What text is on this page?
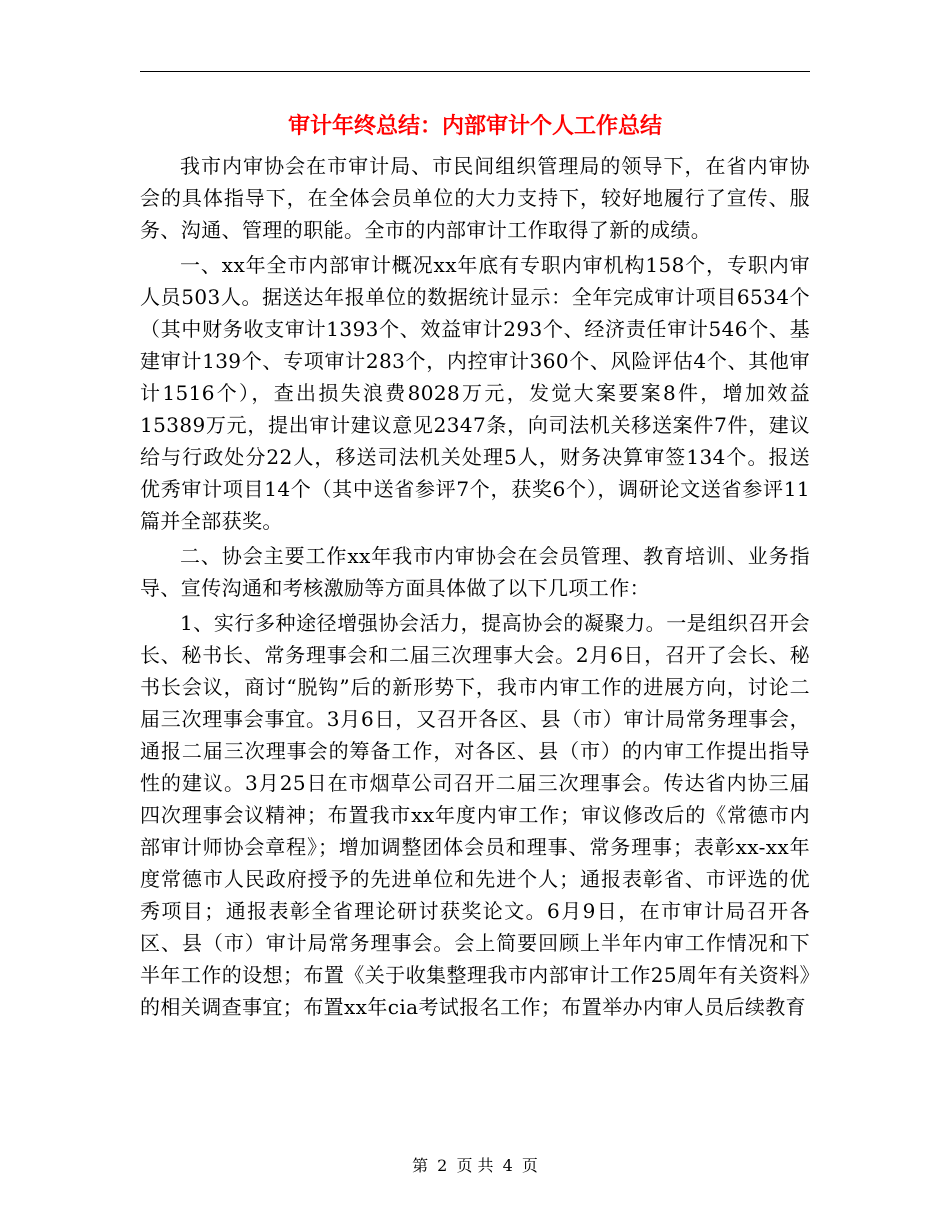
审计年终总结：内部审计个人工作总结

我市内审协会在市审计局、市民间组织管理局的领导下，在省内审协会的具体指导下，在全体会员单位的大力支持下，较好地履行了宣传、服务、沟通、管理的职能。全市的内部审计工作取得了新的成绩。

一、xx年全市内部审计概况xx年底有专职内审机构158个，专职内审人员503人。据送达年报单位的数据统计显示：全年完成审计项目6534个（其中财务收支审计1393个、效益审计293个、经济责任审计546个、基建审计139个、专项审计283个，内控审计360个、风险评估4个、其他审计1516个），查出损失浪费8028万元，发觉大案要案8件，增加效益15389万元，提出审计建议意见2347条，向司法机关移送案件7件，建议给与行政处分22人，移送司法机关处理5人，财务决算审签134个。报送优秀审计项目14个（其中送省参评7个，获奖6个），调研论文送省参评11篇并全部获奖。

二、协会主要工作xx年我市内审协会在会员管理、教育培训、业务指导、宣传沟通和考核激励等方面具体做了以下几项工作：

1、实行多种途径增强协会活力，提高协会的凝聚力。一是组织召开会长、秘书长、常务理事会和二届三次理事大会。2月6日，召开了会长、秘书长会议，商讨“脱钩”后的新形势下，我市内审工作的进展方向，讨论二届三次理事会事宜。3月6日，又召开各区、县（市）审计局常务理事会，通报二届三次理事会的筹备工作，对各区、县（市）的内审工作提出指导性的建议。3月25日在市烟草公司召开二届三次理事会。传达省内协三届四次理事会议精神；布置我市xx年度内审工作；审议修改后的《常德市内部审计师协会章程》；增加调整团体会员和理事、常务理事；表彰xx-xx年度常德市人民政府授予的先进单位和先进个人；通报表彰省、市评选的优秀项目；通报表彰全省理论研讨获奖论文。6月9日，在市审计局召开各区、县（市）审计局常务理事会。会上简要回顾上半年内审工作情况和下半年工作的设想；布置《关于收集整理我市内部审计工作25周年有关资料》的相关调查事宜；布置xx年cia考试报名工作；布置举办内审人员后续教育

第 2 页 共 4 页
